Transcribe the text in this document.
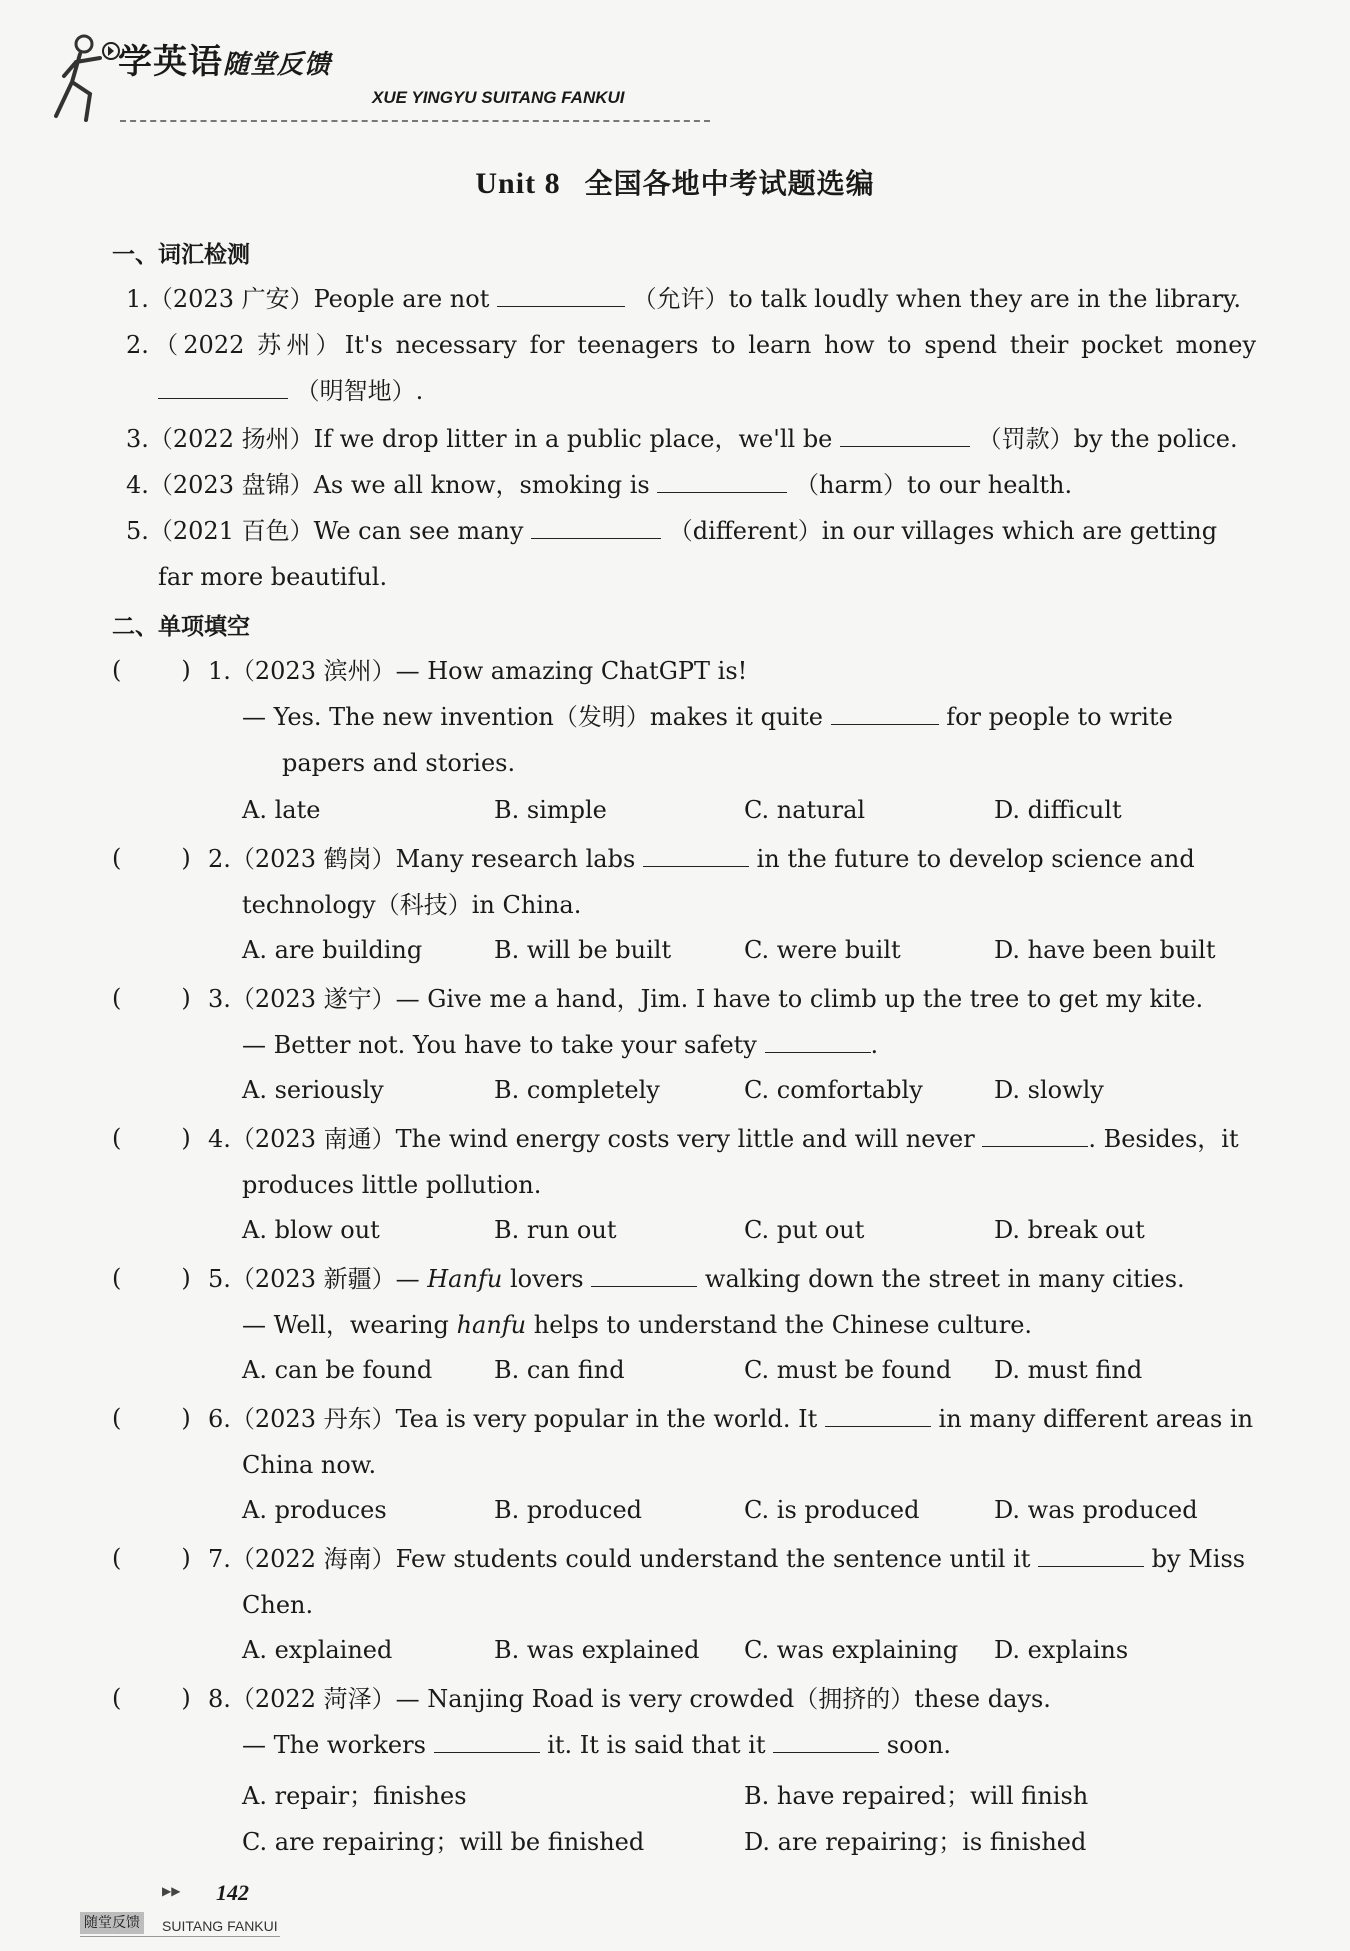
学英语随堂反馈
XUE YINGYU SUITANG FANKUI
Unit 8 全国各地中考试题选编
一、词汇检测
1.（2023 广安）People are not	（允许）to talk loudly when they are in the library.
2.（2022 苏州）It's necessary for teenagers to learn how to spend their pocket money
（明智地）.
3.（2022 扬州）If we drop litter in a public place，we'll be	（罚款）by the police.
4.（2023 盘锦）As we all know，smoking is	（harm）to our health.
5.（2021 百色）We can see many	（different）in our villages which are getting
far more beautiful.
二、单项填空
(	) 1.（2023 滨州）— How amazing ChatGPT is!
— Yes. The new invention（发明）makes it quite	for people to write
papers and stories.
A. late	B. simple	C. natural	D. difficult
(	) 2.（2023 鹤岗）Many research labs	in the future to develop science and
technology（科技）in China.
A. are building	B. will be built	C. were built	D. have been built
(	) 3.（2023 遂宁）— Give me a hand，Jim. I have to climb up the tree to get my kite.
— Better not. You have to take your safety	.
A. seriously	B. completely	C. comfortably	D. slowly
(	) 4.（2023 南通）The wind energy costs very little and will never	. Besides，it
produces little pollution.
A. blow out	B. run out	C. put out	D. break out
(	) 5.（2023 新疆）— Hanfu lovers	walking down the street in many cities.
— Well，wearing hanfu helps to understand the Chinese culture.
A. can be found	B. can find	C. must be found D. must find
(	) 6.（2023 丹东）Tea is very popular in the world. It	in many different areas in
China now.
A. produces	B. produced	C. is produced	D. was produced
(	) 7.（2022 海南）Few students could understand the sentence until it	by Miss
Chen.
A. explained	B. was explained C. was explaining D. explains
(	) 8.（2022 菏泽）— Nanjing Road is very crowded（拥挤的）these days.
— The workers	it. It is said that it	soon.
A. repair；finishes	B. have repaired；will finish
C. are repairing；will be finished	D. are repairing；is finished
▶▶ 142
随堂反馈 SUITANG FANKUI
